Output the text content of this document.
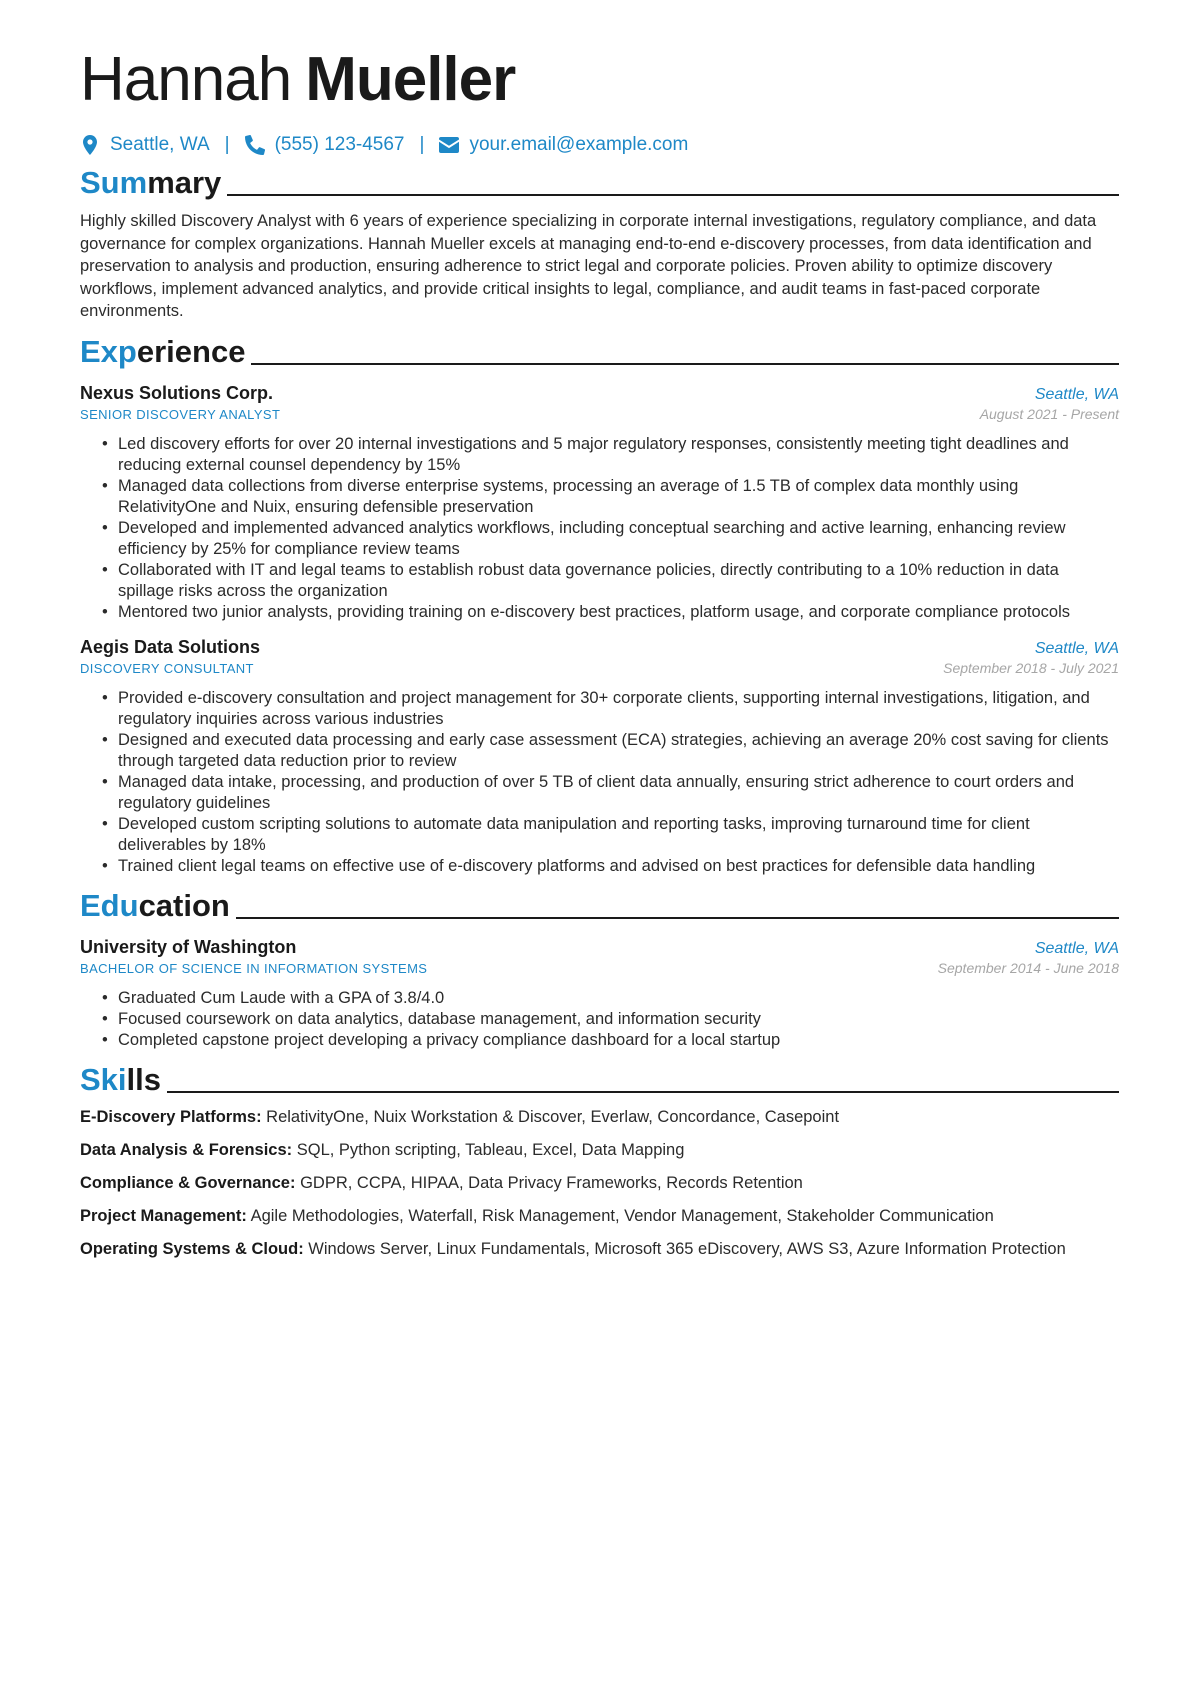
Hannah Mueller
Seattle, WA | (555) 123-4567 | your.email@example.com
Summary
Highly skilled Discovery Analyst with 6 years of experience specializing in corporate internal investigations, regulatory compliance, and data governance for complex organizations. Hannah Mueller excels at managing end-to-end e-discovery processes, from data identification and preservation to analysis and production, ensuring adherence to strict legal and corporate policies. Proven ability to optimize discovery workflows, implement advanced analytics, and provide critical insights to legal, compliance, and audit teams in fast-paced corporate environments.
Experience
Nexus Solutions Corp.	Seattle, WA
SENIOR DISCOVERY ANALYST	August 2021 - Present
• Led discovery efforts for over 20 internal investigations and 5 major regulatory responses, consistently meeting tight deadlines and reducing external counsel dependency by 15%
• Managed data collections from diverse enterprise systems, processing an average of 1.5 TB of complex data monthly using RelativityOne and Nuix, ensuring defensible preservation
• Developed and implemented advanced analytics workflows, including conceptual searching and active learning, enhancing review efficiency by 25% for compliance review teams
• Collaborated with IT and legal teams to establish robust data governance policies, directly contributing to a 10% reduction in data spillage risks across the organization
• Mentored two junior analysts, providing training on e-discovery best practices, platform usage, and corporate compliance protocols
Aegis Data Solutions	Seattle, WA
DISCOVERY CONSULTANT	September 2018 - July 2021
• Provided e-discovery consultation and project management for 30+ corporate clients, supporting internal investigations, litigation, and regulatory inquiries across various industries
• Designed and executed data processing and early case assessment (ECA) strategies, achieving an average 20% cost saving for clients through targeted data reduction prior to review
• Managed data intake, processing, and production of over 5 TB of client data annually, ensuring strict adherence to court orders and regulatory guidelines
• Developed custom scripting solutions to automate data manipulation and reporting tasks, improving turnaround time for client deliverables by 18%
• Trained client legal teams on effective use of e-discovery platforms and advised on best practices for defensible data handling
Education
University of Washington	Seattle, WA
BACHELOR OF SCIENCE IN INFORMATION SYSTEMS	September 2014 - June 2018
• Graduated Cum Laude with a GPA of 3.8/4.0
• Focused coursework on data analytics, database management, and information security
• Completed capstone project developing a privacy compliance dashboard for a local startup
Skills
E-Discovery Platforms: RelativityOne, Nuix Workstation & Discover, Everlaw, Concordance, Casepoint
Data Analysis & Forensics: SQL, Python scripting, Tableau, Excel, Data Mapping
Compliance & Governance: GDPR, CCPA, HIPAA, Data Privacy Frameworks, Records Retention
Project Management: Agile Methodologies, Waterfall, Risk Management, Vendor Management, Stakeholder Communication
Operating Systems & Cloud: Windows Server, Linux Fundamentals, Microsoft 365 eDiscovery, AWS S3, Azure Information Protection
